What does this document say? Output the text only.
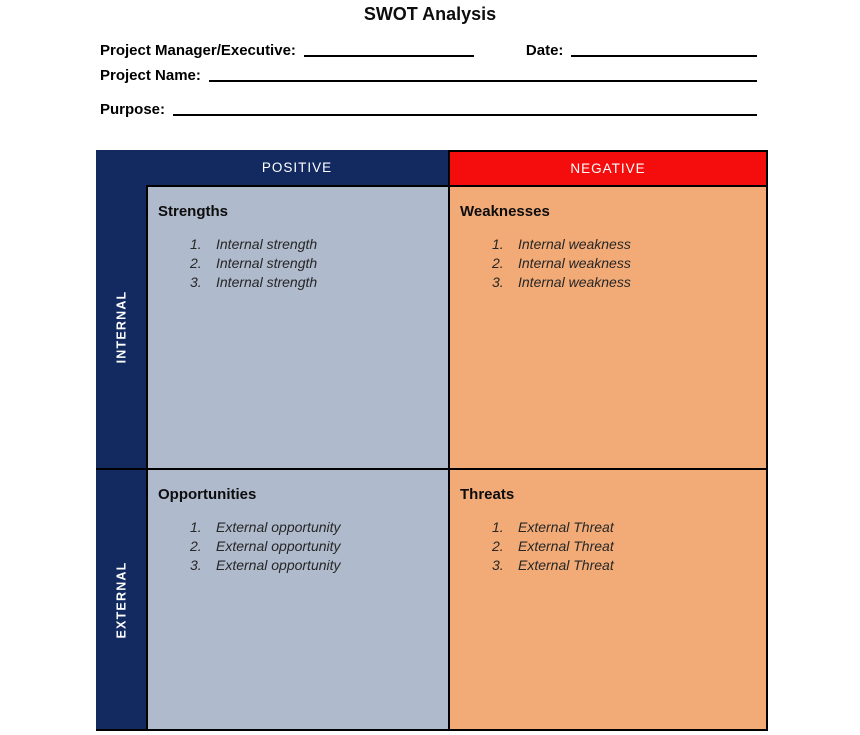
SWOT Analysis
Project Manager/Executive:	Date:
Project Name:
Purpose:
POSITIVE	NEGATIVE
INTERNAL
Strengths
Internal strength
Internal strength
Internal strength
Weaknesses
Internal weakness
Internal weakness
Internal weakness
EXTERNAL
Opportunities
External opportunity
External opportunity
External opportunity
Threats
External Threat
External Threat
External Threat
